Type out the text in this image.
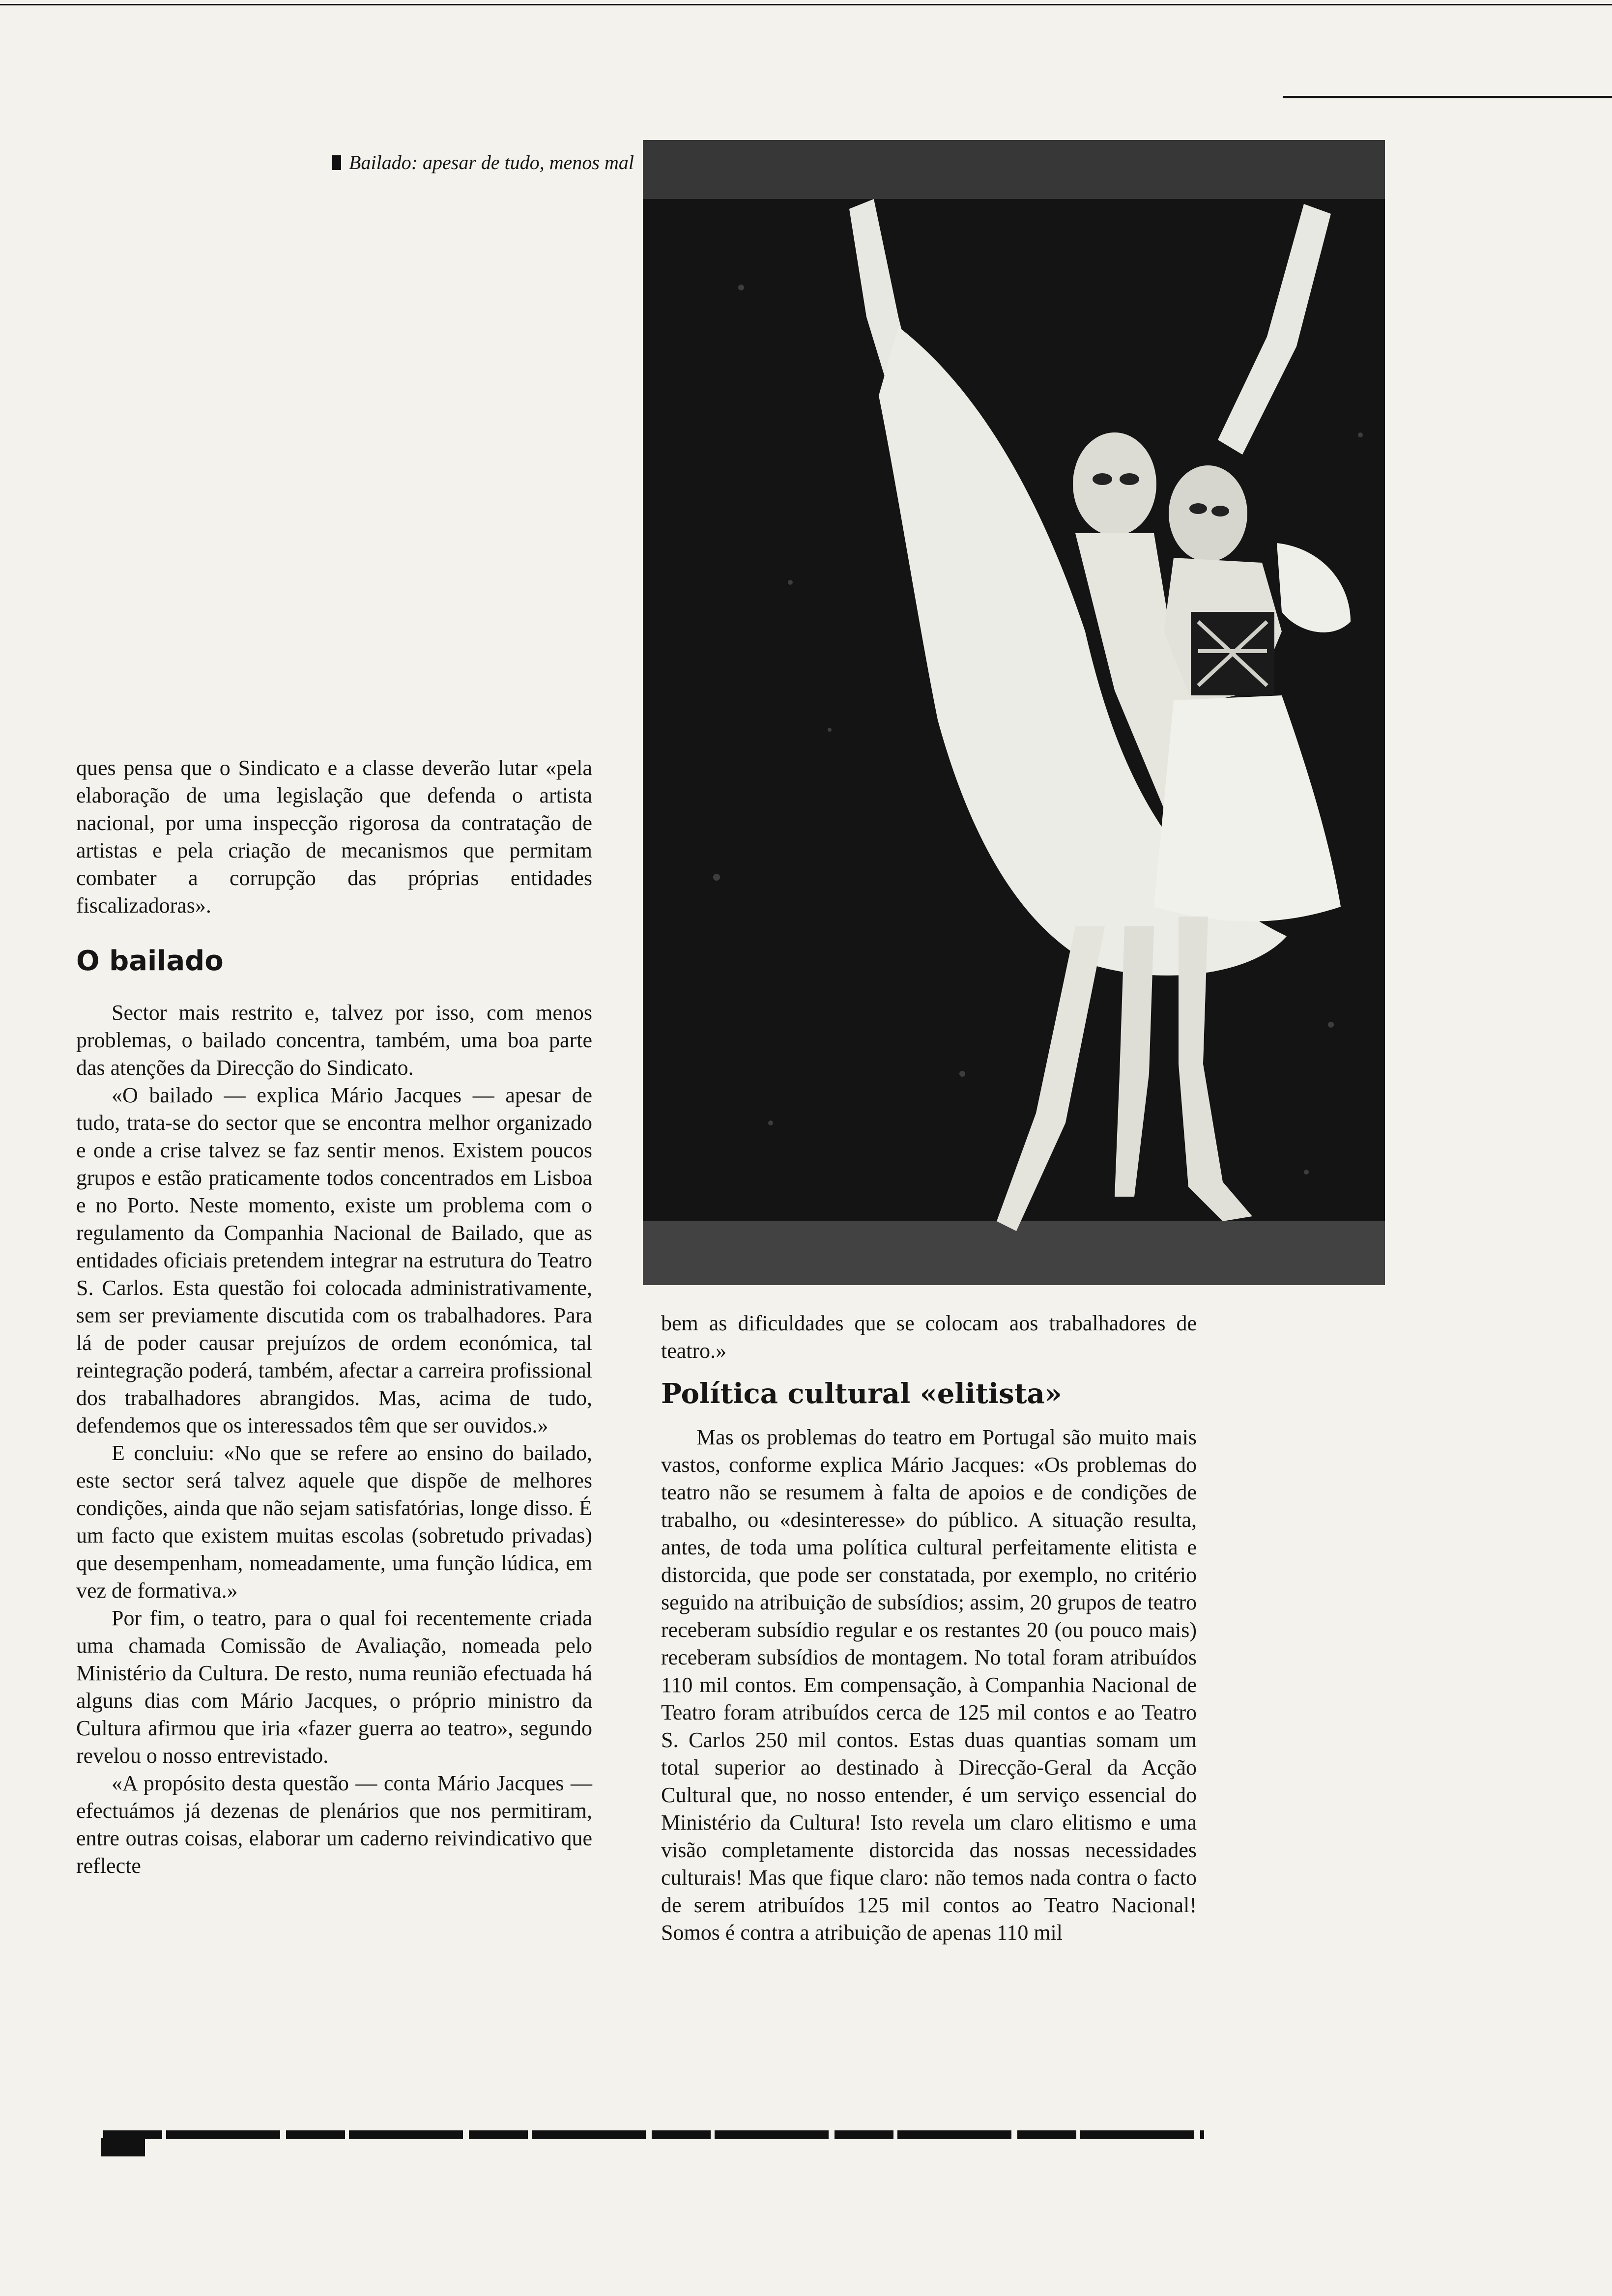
Bailado: apesar de tudo, menos mal

ques pensa que o Sindicato e a classe deverão lutar «pela elaboração de uma legislação que defenda o artista nacional, por uma inspecção rigorosa da contratação de artistas e pela criação de mecanismos que permitam combater a corrupção das próprias entidades fiscalizadoras».

O bailado

Sector mais restrito e, talvez por isso, com menos problemas, o bailado concentra, também, uma boa parte das atenções da Direcção do Sindicato.

«O bailado — explica Mário Jacques — apesar de tudo, trata-se do sector que se encontra melhor organizado e onde a crise talvez se faz sentir menos. Existem poucos grupos e estão praticamente todos concentrados em Lisboa e no Porto. Neste momento, existe um problema com o regulamento da Companhia Nacional de Bailado, que as entidades oficiais pretendem integrar na estrutura do Teatro S. Carlos. Esta questão foi colocada administrativamente, sem ser previamente discutida com os trabalhadores. Para lá de poder causar prejuízos de ordem económica, tal reintegração poderá, também, afectar a carreira profissional dos trabalhadores abrangidos. Mas, acima de tudo, defendemos que os interessados têm que ser ouvidos.»

E concluiu: «No que se refere ao ensino do bailado, este sector será talvez aquele que dispõe de melhores condições, ainda que não sejam satisfatórias, longe disso. É um facto que existem muitas escolas (sobretudo privadas) que desempenham, nomeadamente, uma função lúdica, em vez de formativa.»

Por fim, o teatro, para o qual foi recentemente criada uma chamada Comissão de Avaliação, nomeada pelo Ministério da Cultura. De resto, numa reunião efectuada há alguns dias com Mário Jacques, o próprio ministro da Cultura afirmou que iria «fazer guerra ao teatro», segundo revelou o nosso entrevistado.

«A propósito desta questão — conta Mário Jacques — efectuámos já dezenas de plenários que nos permitiram, entre outras coisas, elaborar um caderno reivindicativo que reflecte

bem as dificuldades que se colocam aos trabalhadores de teatro.»

Política cultural «elitista»

Mas os problemas do teatro em Portugal são muito mais vastos, conforme explica Mário Jacques: «Os problemas do teatro não se resumem à falta de apoios e de condições de trabalho, ou «desinteresse» do público. A situação resulta, antes, de toda uma política cultural perfeitamente elitista e distorcida, que pode ser constatada, por exemplo, no critério seguido na atribuição de subsídios; assim, 20 grupos de teatro receberam subsídio regular e os restantes 20 (ou pouco mais) receberam subsídios de montagem. No total foram atribuídos 110 mil contos. Em compensação, à Companhia Nacional de Teatro foram atribuídos cerca de 125 mil contos e ao Teatro S. Carlos 250 mil contos. Estas duas quantias somam um total superior ao destinado à Direcção-Geral da Acção Cultural que, no nosso entender, é um serviço essencial do Ministério da Cultura! Isto revela um claro elitismo e uma visão completamente distorcida das nossas necessidades culturais! Mas que fique claro: não temos nada contra o facto de serem atribuídos 125 mil contos ao Teatro Nacional! Somos é contra a atribuição de apenas 110 mil
